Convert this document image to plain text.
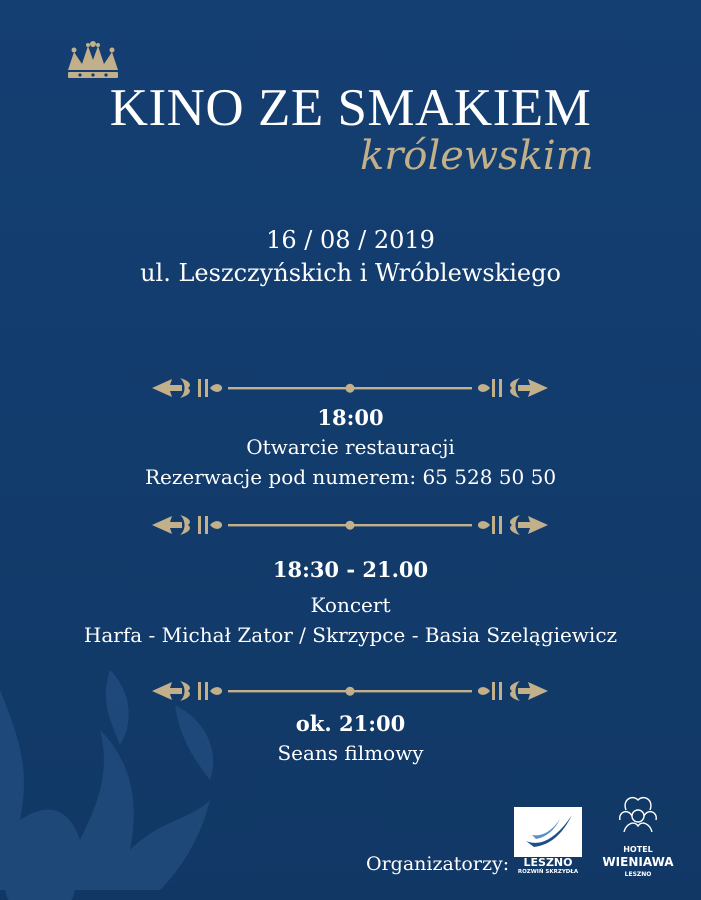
KINO ZE SMAKIEM
królewskim
16 / 08 / 2019
ul. Leszczyńskich i Wróblewskiego
18:00
Otwarcie restauracji
Rezerwacje pod numerem: 65 528 50 50
18:30 - 21.00
Koncert
Harfa - Michał Zator / Skrzypce - Basia Szelągiewicz
ok. 21:00
Seans filmowy
Organizatorzy: LESZNO
ROZWIŃ SKRZYDŁA
HOTEL
WIENIAWA
LESZNO
